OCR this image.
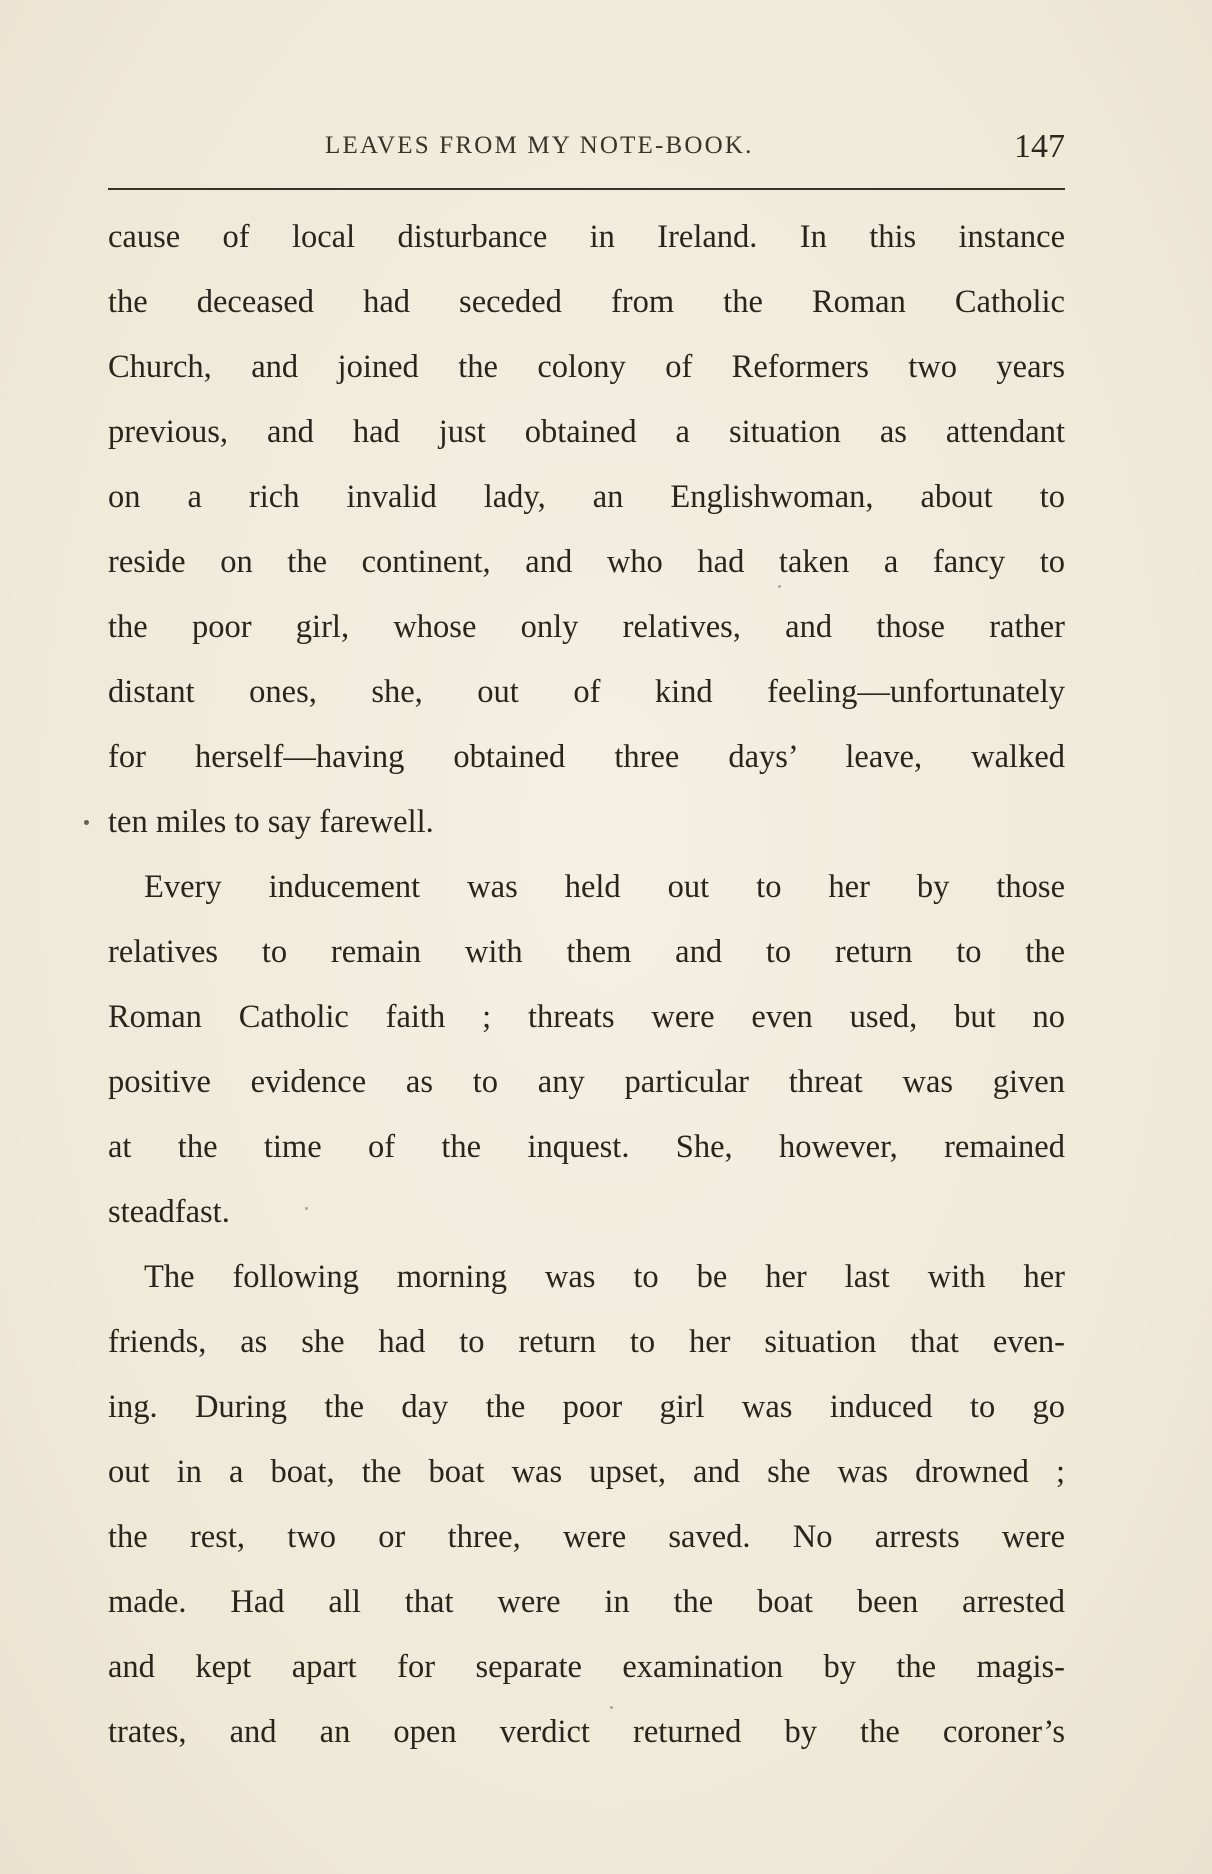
LEAVES FROM MY NOTE-BOOK.	147
cause of local disturbance in Ireland. In this instance
the deceased had seceded from the Roman Catholic
Church, and joined the colony of Reformers two years
previous, and had just obtained a situation as attendant
on a rich invalid lady, an Englishwoman, about to
reside on the continent, and who had taken a fancy to
the poor girl, whose only relatives, and those rather
distant ones, she, out of kind feeling—unfortunately
for herself—having obtained three days’ leave, walked
ten miles to say farewell.
Every inducement was held out to her by those
relatives to remain with them and to return to the
Roman Catholic faith ; threats were even used, but no
positive evidence as to any particular threat was given
at the time of the inquest. She, however, remained
steadfast.
The following morning was to be her last with her
friends, as she had to return to her situation that even-
ing. During the day the poor girl was induced to go
out in a boat, the boat was upset, and she was drowned ;
the rest, two or three, were saved. No arrests were
made. Had all that were in the boat been arrested
and kept apart for separate examination by the magis-
trates, and an open verdict returned by the coroner’s
